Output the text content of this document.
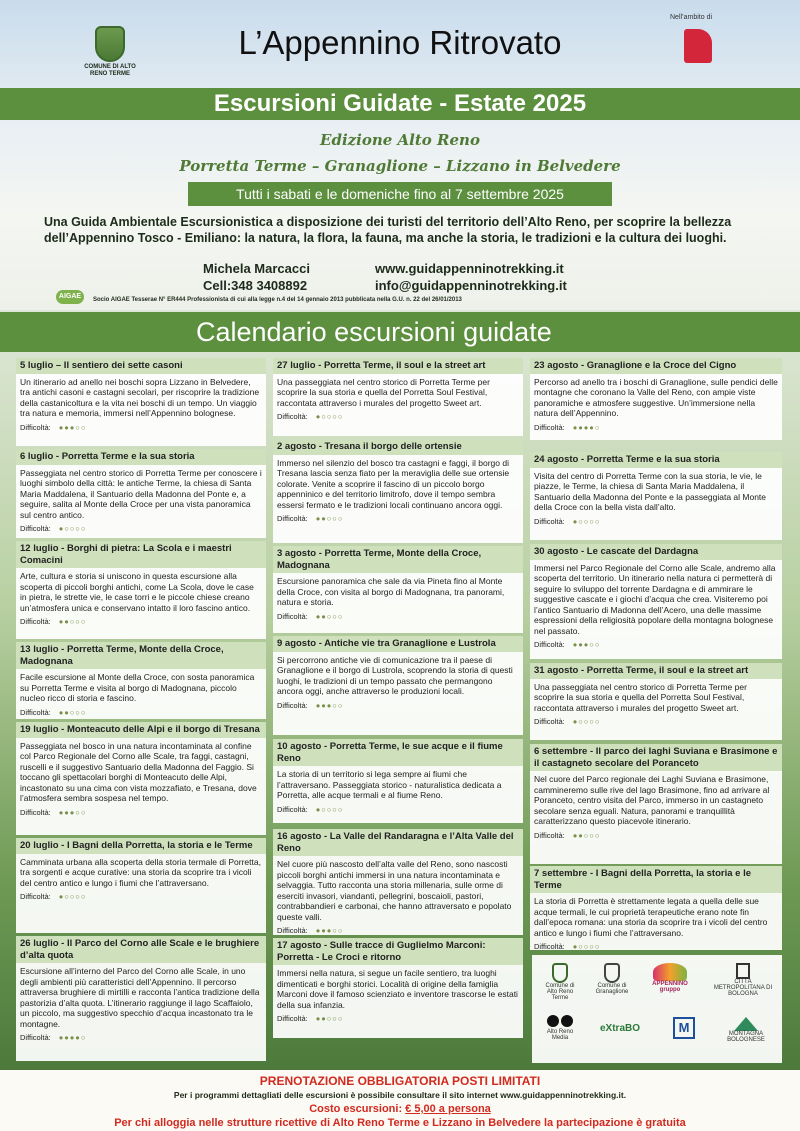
COMUNE DI ALTO RENO TERME
L’Appennino Ritrovato
Nell’ambito di
Escursioni Guidate - Estate 2025
Edizione Alto Reno
Porretta Terme – Granaglione – Lizzano in Belvedere
Tutti i sabati e le domeniche fino al 7 settembre 2025
Una Guida Ambientale Escursionistica a disposizione dei turisti del territorio dell’Alto Reno, per scoprire la bellezza dell’Appennino Tosco - Emiliano: la natura, la flora, la fauna, ma anche la storia, le tradizioni e la cultura dei luoghi.
Michela Marcacci
Cell:348 3408892
www.guidappenninotrekking.it
info@guidappenninotrekking.it
AIGAE	Socio AIGAE Tesserae N° ER444 Professionista di cui alla legge n.4 del 14 gennaio 2013 pubblicata nella G.U. n. 22 del 26/01/2013
Calendario escursioni guidate
5 luglio – Il sentiero dei sette casoni
Un itinerario ad anello nei boschi sopra Lizzano in Belvedere, tra antichi casoni e castagni secolari, per riscoprire la tradizione della castanicoltura e la vita nei boschi di un tempo. Un viaggio tra natura e memoria, immersi nell’Appennino bolognese.
Difficoltà: ●●●○○
6 luglio - Porretta Terme e la sua storia
Passeggiata nel centro storico di Porretta Terme per conoscere i luoghi simbolo della città: le antiche Terme, la chiesa di Santa Maria Maddalena, il Santuario della Madonna del Ponte e, a seguire, salita al Monte della Croce per una vista panoramica sul centro antico.
Difficoltà: ●○○○○
12 luglio - Borghi di pietra: La Scola e i maestri Comacini
Arte, cultura e storia si uniscono in questa escursione alla scoperta di piccoli borghi antichi, come La Scola, dove le case in pietra, le strette vie, le case torri e le piccole chiese creano un’atmosfera unica e conservano intatto il loro fascino antico.
Difficoltà: ●●○○○
13 luglio - Porretta Terme, Monte della Croce, Madognana
Facile escursione al Monte della Croce, con sosta panoramica su Porretta Terme e visita al borgo di Madognana, piccolo nucleo ricco di storia e fascino.
Difficoltà: ●●○○○
19 luglio - Monteacuto delle Alpi e il borgo di Tresana
Passeggiata nel bosco in una natura incontaminata al confine col Parco Regionale del Corno alle Scale, tra faggi, castagni, ruscelli e il suggestivo Santuario della Madonna del Faggio. Si toccano gli spettacolari borghi di Monteacuto delle Alpi, incastonato su una cima con vista mozzafiato, e Tresana, dove l’atmosfera sembra sospesa nel tempo.
Difficoltà: ●●●○○
20 luglio - I Bagni della Porretta, la storia e le Terme
Camminata urbana alla scoperta della storia termale di Porretta, tra sorgenti e acque curative: una storia da scoprire tra i vicoli del centro antico e lungo i fiumi che l’attraversano.
Difficoltà: ●○○○○
26 luglio - Il Parco del Corno alle Scale e le brughiere d’alta quota
Escursione all’interno del Parco del Corno alle Scale, in uno degli ambienti più caratteristici dell’Appennino. Il percorso attraversa brughiere di mirtilli e racconta l’antica tradizione della pastorizia d’alta quota. L’itinerario raggiunge il lago Scaffaiolo, un piccolo, ma suggestivo specchio d’acqua incastonato tra le montagne.
Difficoltà: ●●●●○
27 luglio - Porretta Terme, il soul e la street art
Una passeggiata nel centro storico di Porretta Terme per scoprire la sua storia e quella del Porretta Soul Festival, raccontata attraverso i murales del progetto Sweet art.
Difficoltà: ●○○○○
2 agosto - Tresana il borgo delle ortensie
Immerso nel silenzio del bosco tra castagni e faggi, il borgo di Tresana lascia senza fiato per la meraviglia delle sue ortensie colorate. Venite a scoprire il fascino di un piccolo borgo appenninico e del territorio limitrofo, dove il tempo sembra essersi fermato e le tradizioni locali continuano ancora oggi.
Difficoltà: ●●○○○
3 agosto - Porretta Terme, Monte della Croce, Madognana
Escursione panoramica che sale da via Pineta fino al Monte della Croce, con visita al borgo di Madognana, tra panorami, natura e storia.
Difficoltà: ●●○○○
9 agosto - Antiche vie tra Granaglione e Lustrola
Si percorrono antiche vie di comunicazione tra il paese di Granaglione e il borgo di Lustrola, scoprendo la storia di questi luoghi, le tradizioni di un tempo passato che permangono ancora oggi, anche attraverso le produzioni locali.
Difficoltà: ●●●○○
10 agosto - Porretta Terme, le sue acque e il fiume Reno
La storia di un territorio si lega sempre ai fiumi che l’attraversano. Passeggiata storico - naturalistica dedicata a Porretta, alle acque termali e al fiume Reno.
Difficoltà: ●○○○○
16 agosto - La Valle del Randaragna e l’Alta Valle del Reno
Nel cuore più nascosto dell’alta valle del Reno, sono nascosti piccoli borghi antichi immersi in una natura incontaminata e selvaggia. Tutto racconta una storia millenaria, sulle orme di eserciti invasori, viandanti, pellegrini, boscaioli, pastori, contrabbandieri e carbonai, che hanno attraversato e popolato queste valli.
Difficoltà: ●●●○○
17 agosto - Sulle tracce di Guglielmo Marconi: Porretta - Le Croci e ritorno
Immersi nella natura, si segue un facile sentiero, tra luoghi dimenticati e borghi storici. Località di origine della famiglia Marconi dove il famoso scienziato e inventore trascorse le estati della sua infanzia.
Difficoltà: ●●○○○
23 agosto - Granaglione e la Croce del Cigno
Percorso ad anello tra i boschi di Granaglione, sulle pendici delle montagne che coronano la Valle del Reno, con ampie viste panoramiche e atmosfere suggestive. Un’immersione nella natura dell’Appennino.
Difficoltà: ●●●●○
24 agosto - Porretta Terme e la sua storia
Visita del centro di Porretta Terme con la sua storia, le vie, le piazze, le Terme, la chiesa di Santa Maria Maddalena, il Santuario della Madonna del Ponte e la passeggiata al Monte della Croce con la bella vista dall’alto.
Difficoltà: ●○○○○
30 agosto - Le cascate del Dardagna
Immersi nel Parco Regionale del Corno alle Scale, andremo alla scoperta del territorio. Un itinerario nella natura ci permetterà di seguire lo sviluppo del torrente Dardagna e di ammirare le suggestive cascate e i giochi d’acqua che crea. Visiteremo poi l’antico Santuario di Madonna dell’Acero, una delle massime espressioni della religiosità popolare della montagna bolognese nel passato.
Difficoltà: ●●●○○
31 agosto - Porretta Terme, il soul e la street art
Una passeggiata nel centro storico di Porretta Terme per scoprire la sua storia e quella del Porretta Soul Festival, raccontata attraverso i murales del progetto Sweet art.
Difficoltà: ●○○○○
6 settembre - Il parco dei laghi Suviana e Brasimone e il castagneto secolare del Poranceto
Nel cuore del Parco regionale dei Laghi Suviana e Brasimone, cammineremo sulle rive del lago Brasimone, fino ad arrivare al Poranceto, centro visita del Parco, immerso in un castagneto secolare senza eguali. Natura, panorami e tranquillità caratterizzano questo piacevole itinerario.
Difficoltà: ●●○○○
7 settembre - I Bagni della Porretta, la storia e le Terme
La storia di Porretta è strettamente legata a quella delle sue acque termali, le cui proprietà terapeutiche erano note fin dall’epoca romana: una storia da scoprire tra i vicoli del centro antico e lungo i fiumi che l’attraversano.
Difficoltà: ●○○○○
Comune di Alto Reno Terme
Comune di Granaglione
APPENNINO gruppo
CITTÀ METROPOLITANA DI BOLOGNA

Alto Reno Media
eXtraBO	M	MONTAGNA BOLOGNESE
PRENOTAZIONE OBBLIGATORIA POSTI LIMITATI
Per i programmi dettagliati delle escursioni è possibile consultare il sito internet www.guidappenninotrekking.it.
Costo escursioni: € 5,00 a persona
Per chi alloggia nelle strutture ricettive di Alto Reno Terme e Lizzano in Belvedere la partecipazione è gratuita
